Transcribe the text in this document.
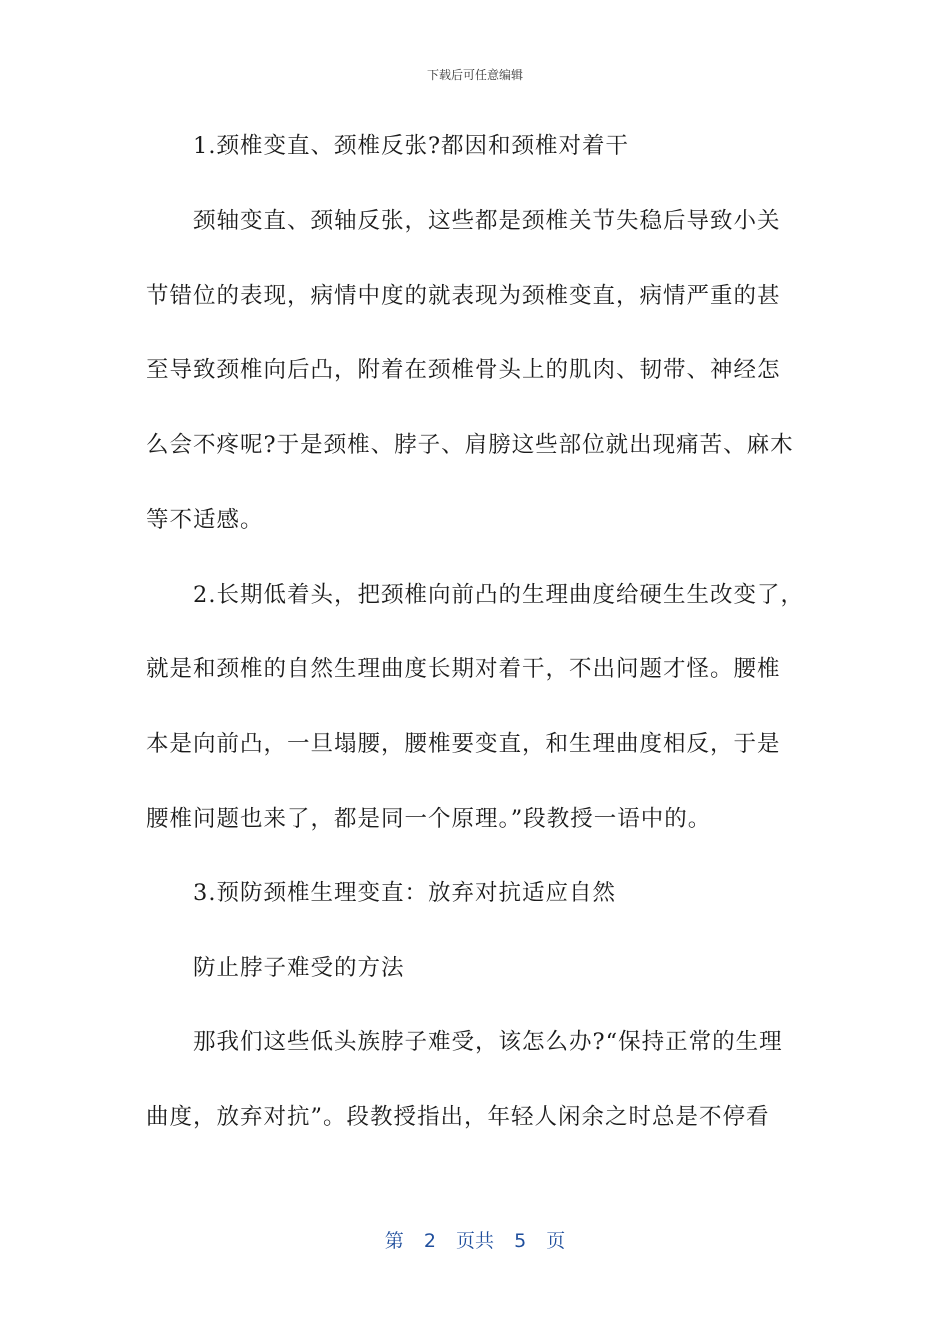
下载后可任意编辑
　　1.颈椎变直、颈椎反张?都因和颈椎对着干
　　颈轴变直、颈轴反张，这些都是颈椎关节失稳后导致小关
节错位的表现，病情中度的就表现为颈椎变直，病情严重的甚
至导致颈椎向后凸，附着在颈椎骨头上的肌肉、韧带、神经怎
么会不疼呢?于是颈椎、脖子、肩膀这些部位就出现痛苦、麻木
等不适感。
　　2.长期低着头，把颈椎向前凸的生理曲度给硬生生改变了，
就是和颈椎的自然生理曲度长期对着干，不出问题才怪。腰椎
本是向前凸，一旦塌腰，腰椎要变直，和生理曲度相反，于是
腰椎问题也来了，都是同一个原理。”段教授一语中的。
　　3.预防颈椎生理变直：放弃对抗适应自然
　　防止脖子难受的方法
　　那我们这些低头族脖子难受，该怎么办?“保持正常的生理
曲度，放弃对抗”。段教授指出，年轻人闲余之时总是不停看
第  2  页共  5  页
